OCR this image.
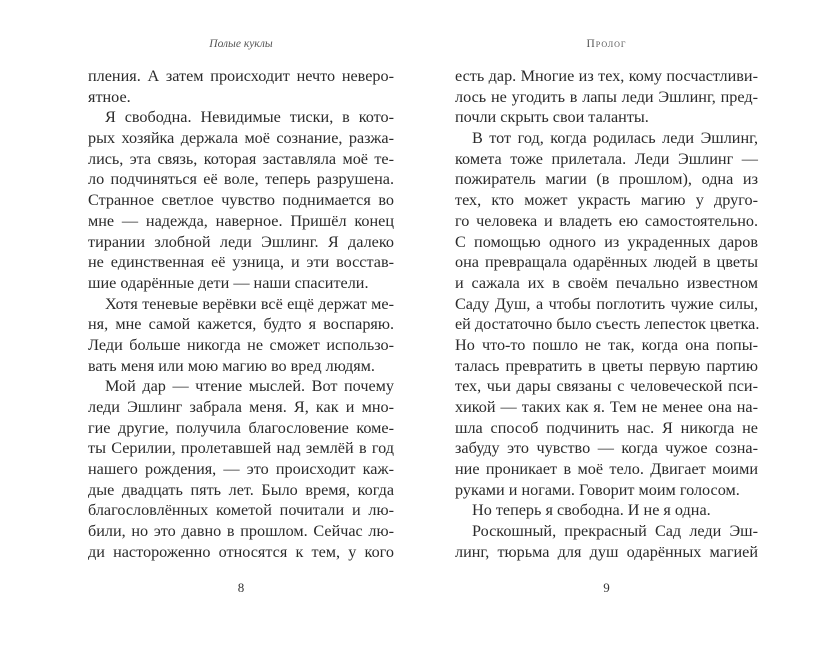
Полые куклы
пления. А затем происходит нечто неверо-
ятное.
Я свободна. Невидимые тиски, в кото-
рых хозяйка держала моё сознание, разжа-
лись, эта связь, которая заставляла моё те-
ло подчиняться её воле, теперь разрушена.
Странное светлое чувство поднимается во
мне — надежда, наверное. Пришёл конец
тирании злобной леди Эшлинг. Я далеко
не единственная её узница, и эти восстав-
шие одарённые дети — наши спасители.
Хотя теневые верёвки всё ещё держат ме-
ня, мне самой кажется, будто я воспаряю.
Леди больше никогда не сможет использо-
вать меня или мою магию во вред людям.
Мой дар — чтение мыслей. Вот почему
леди Эшлинг забрала меня. Я, как и мно-
гие другие, получила благословение коме-
ты Серилии, пролетавшей над землёй в год
нашего рождения, — это происходит каж-
дые двадцать пять лет. Было время, когда
благословлённых кометой почитали и лю-
били, но это давно в прошлом. Сейчас лю-
ди настороженно относятся к тем, у кого
8
Пролог
есть дар. Многие из тех, кому посчастливи-
лось не угодить в лапы леди Эшлинг, пред-
почли скрыть свои таланты.
В тот год, когда родилась леди Эшлинг,
комета тоже прилетала. Леди Эшлинг —
пожиратель магии (в прошлом), одна из
тех, кто может украсть магию у друго-
го человека и владеть ею самостоятельно.
С помощью одного из украденных даров
она превращала одарённых людей в цветы
и сажала их в своём печально известном
Саду Душ, а чтобы поглотить чужие силы,
ей достаточно было съесть лепесток цветка.
Но что-то пошло не так, когда она попы-
талась превратить в цветы первую партию
тех, чьи дары связаны с человеческой пси-
хикой — таких как я. Тем не менее она на-
шла способ подчинить нас. Я никогда не
забуду это чувство — когда чужое созна-
ние проникает в моё тело. Двигает моими
руками и ногами. Говорит моим голосом.
Но теперь я свободна. И не я одна.
Роскошный, прекрасный Сад леди Эш-
линг, тюрьма для душ одарённых магией
9
